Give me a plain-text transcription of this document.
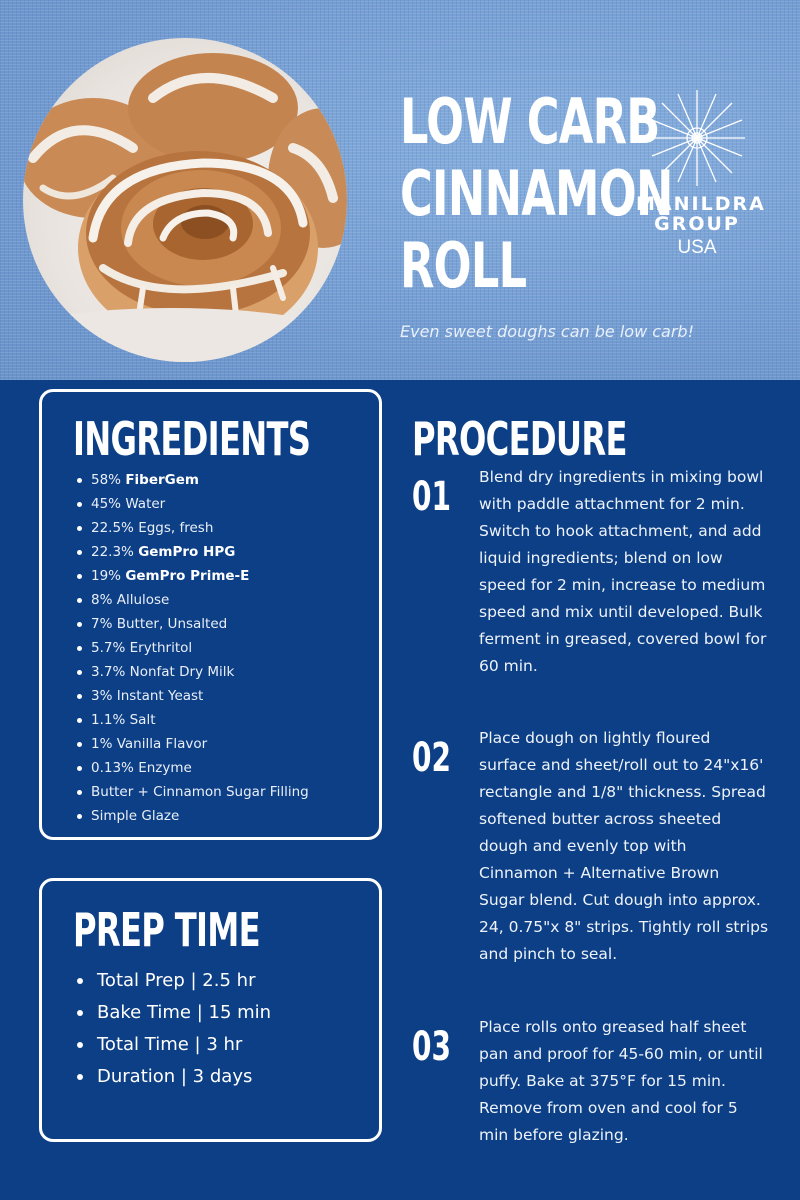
LOW CARB
CINNAMON
ROLL
MANILDRA
GROUP
USA
Even sweet doughs can be low carb!
INGREDIENTS
58% FiberGem
45% Water
22.5% Eggs, fresh
22.3% GemPro HPG
19% GemPro Prime-E
8% Allulose
7% Butter, Unsalted
5.7% Erythritol
3.7% Nonfat Dry Milk
3% Instant Yeast
1.1% Salt
1% Vanilla Flavor
0.13% Enzyme
Butter + Cinnamon Sugar Filling
Simple Glaze
PREP TIME
Total Prep | 2.5 hr
Bake Time | 15 min
Total Time | 3 hr
Duration | 3 days
PROCEDURE
01 Blend dry ingredients in mixing bowl with paddle attachment for 2 min. Switch to hook attachment, and add liquid ingredients; blend on low speed for 2 min, increase to medium speed and mix until developed. Bulk ferment in greased, covered bowl for 60 min.
02 Place dough on lightly floured surface and sheet/roll out to 24"x16' rectangle and 1/8" thickness. Spread softened butter across sheeted dough and evenly top with Cinnamon + Alternative Brown Sugar blend. Cut dough into approx. 24, 0.75"x 8" strips. Tightly roll strips and pinch to seal.
03 Place rolls onto greased half sheet pan and proof for 45-60 min, or until puffy. Bake at 375°F for 15 min. Remove from oven and cool for 5 min before glazing.
